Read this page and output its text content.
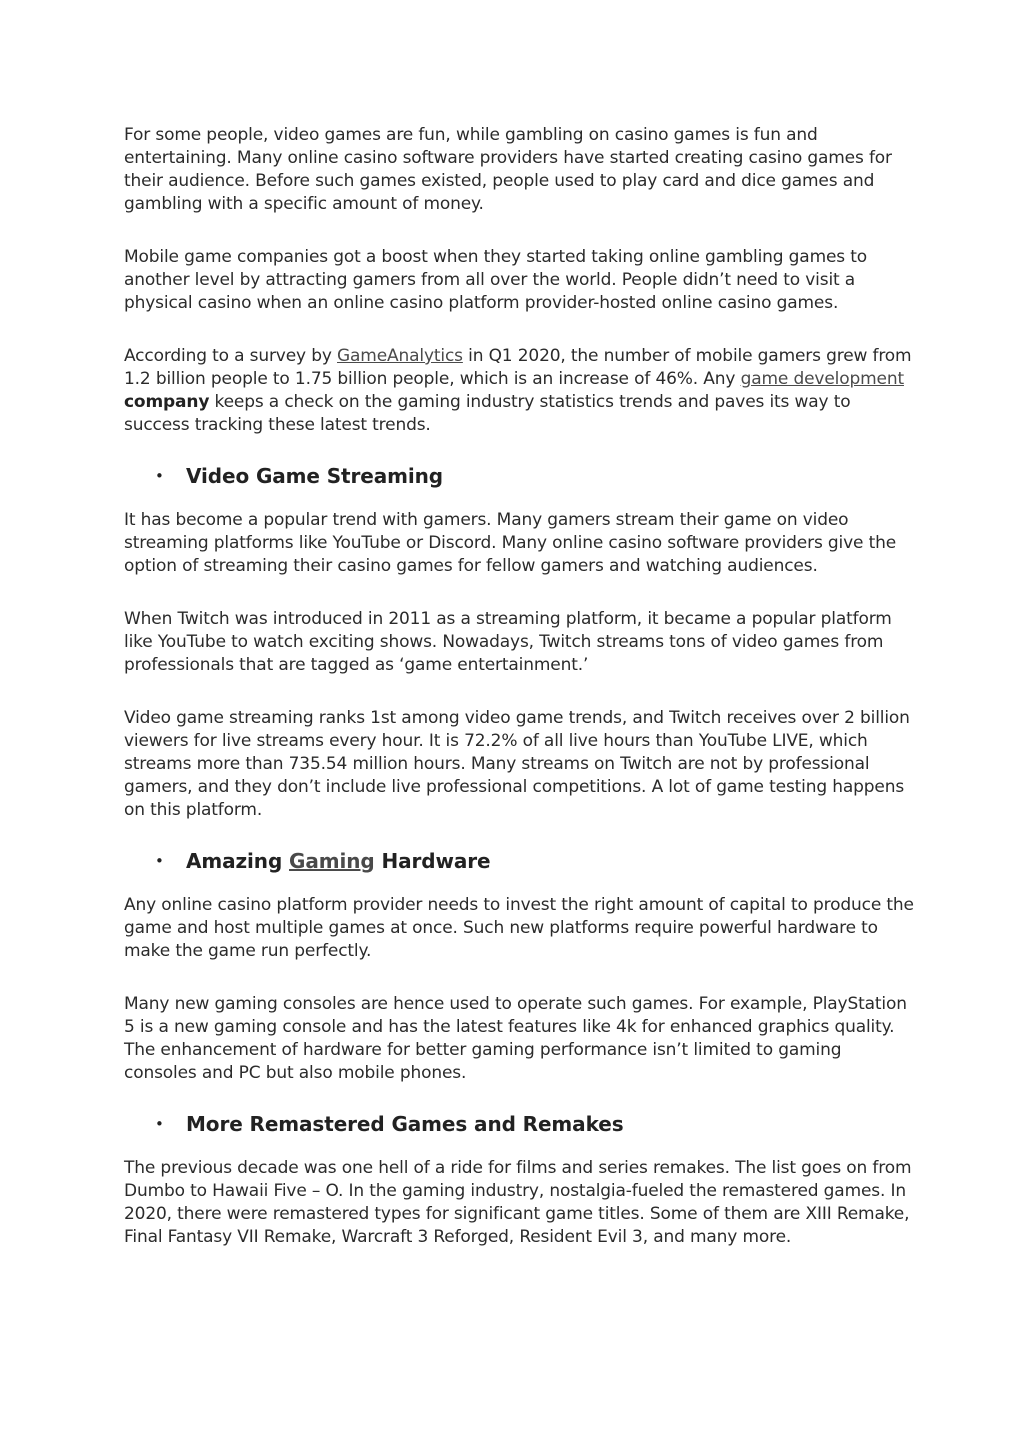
For some people, video games are fun, while gambling on casino games is fun and entertaining. Many online casino software providers have started creating casino games for their audience. Before such games existed, people used to play card and dice games and gambling with a specific amount of money.

Mobile game companies got a boost when they started taking online gambling games to another level by attracting gamers from all over the world. People didn’t need to visit a physical casino when an online casino platform provider-hosted online casino games.

According to a survey by GameAnalytics in Q1 2020, the number of mobile gamers grew from 1.2 billion people to 1.75 billion people, which is an increase of 46%. Any game development company keeps a check on the gaming industry statistics trends and paves its way to success tracking these latest trends.

•	Video Game Streaming

It has become a popular trend with gamers. Many gamers stream their game on video streaming platforms like YouTube or Discord. Many online casino software providers give the option of streaming their casino games for fellow gamers and watching audiences.

When Twitch was introduced in 2011 as a streaming platform, it became a popular platform like YouTube to watch exciting shows. Nowadays, Twitch streams tons of video games from professionals that are tagged as ‘game entertainment.’

Video game streaming ranks 1st among video game trends, and Twitch receives over 2 billion viewers for live streams every hour. It is 72.2% of all live hours than YouTube LIVE, which streams more than 735.54 million hours. Many streams on Twitch are not by professional gamers, and they don’t include live professional competitions. A lot of game testing happens on this platform.

•	Amazing Gaming Hardware

Any online casino platform provider needs to invest the right amount of capital to produce the game and host multiple games at once. Such new platforms require powerful hardware to make the game run perfectly.

Many new gaming consoles are hence used to operate such games. For example, PlayStation 5 is a new gaming console and has the latest features like 4k for enhanced graphics quality. The enhancement of hardware for better gaming performance isn’t limited to gaming consoles and PC but also mobile phones.

•	More Remastered Games and Remakes

The previous decade was one hell of a ride for films and series remakes. The list goes on from Dumbo to Hawaii Five – O. In the gaming industry, nostalgia-fueled the remastered games. In 2020, there were remastered types for significant game titles. Some of them are XIII Remake, Final Fantasy VII Remake, Warcraft 3 Reforged, Resident Evil 3, and many more.
